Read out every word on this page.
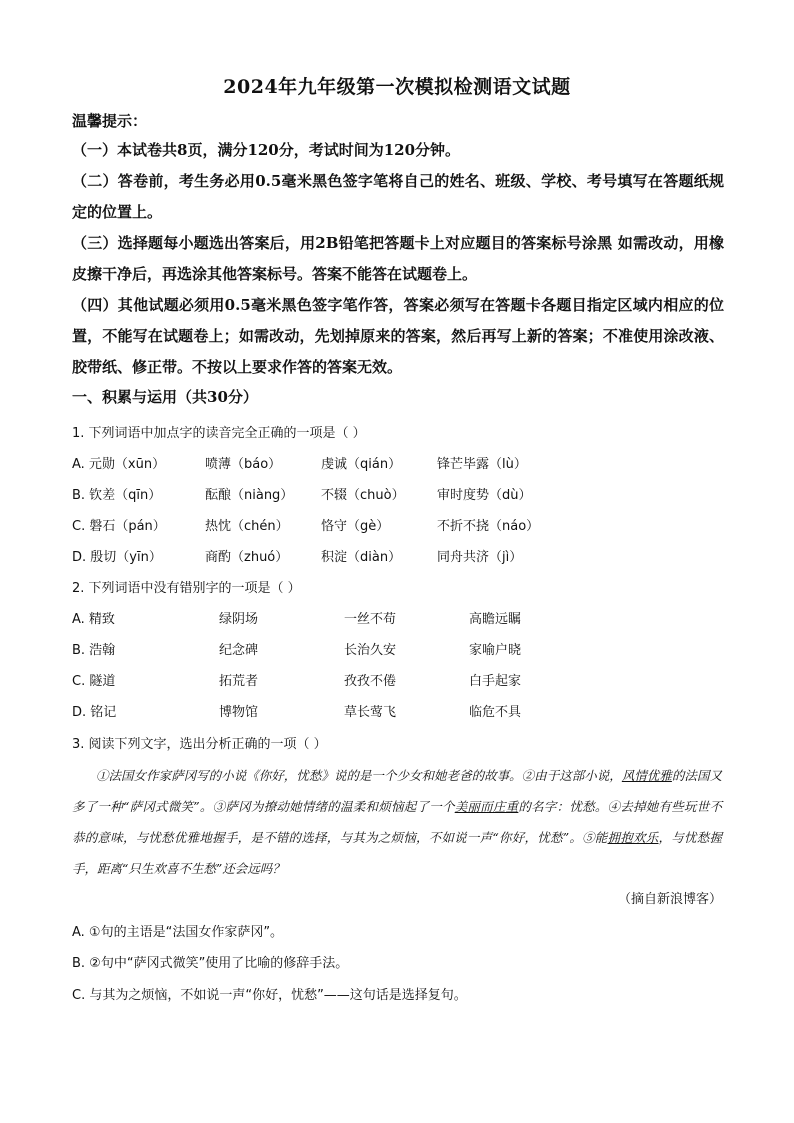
2024年九年级第一次模拟检测语文试题
温馨提示：
（一）本试卷共8页，满分120分，考试时间为120分钟。
（二）答卷前，考生务必用0.5毫米黑色签字笔将自己的姓名、班级、学校、考号填写在答题纸规定的位置上。
（三）选择题每小题选出答案后，用2B铅笔把答题卡上对应题目的答案标号涂黑 如需改动，用橡皮擦干净后，再选涂其他答案标号。答案不能答在试题卷上。
（四）其他试题必须用0.5毫米黑色签字笔作答，答案必须写在答题卡各题目指定区域内相应的位置，不能写在试题卷上；如需改动，先划掉原来的答案，然后再写上新的答案；不准使用涂改液、胶带纸、修正带。不按以上要求作答的答案无效。
一、积累与运用（共30分）
1. 下列词语中加点字的读音完全正确的一项是（ ）
A. 元勋（xūn）	喷薄（báo）	虔诚（qián）	锋芒毕露（lù）
B. 钦差（qīn）	酝酿（niàng） 不辍（chuò） 审时度势（dù）
C. 磐石（pán）	热忱（chén） 恪守（gè）	不折不挠（náo）
D. 殷切（yīn）	商酌（zhuó）	积淀（diàn）	同舟共济（jì）
2. 下列词语中没有错别字的一项是（ ）
A. 精致	绿阴场	一丝不苟	高瞻远瞩
B. 浩翰	纪念碑	长治久安	家喻户晓
C. 隧道	拓荒者	孜孜不倦	白手起家
D. 铭记	博物馆	草长莺飞	临危不具
3. 阅读下列文字，选出分析正确的一项（ ）
①法国女作家萨冈写的小说《你好，忧愁》说的是一个少女和她老爸的故事。②由于这部小说，风情优雅的法国又多了一种“萨冈式微笑”。③萨冈为撩动她情绪的温柔和烦恼起了一个美丽而庄重的名字：忧愁。④去掉她有些玩世不恭的意味，与忧愁优雅地握手，是不错的选择，与其为之烦恼，不如说一声“你好，忧愁”。⑤能拥抱欢乐，与忧愁握手，距离“只生欢喜不生愁”还会远吗？
（摘自新浪博客）
A. ①句的主语是“法国女作家萨冈”。
B. ②句中“萨冈式微笑”使用了比喻的修辞手法。
C. 与其为之烦恼，不如说一声“你好，忧愁”——这句话是选择复句。
